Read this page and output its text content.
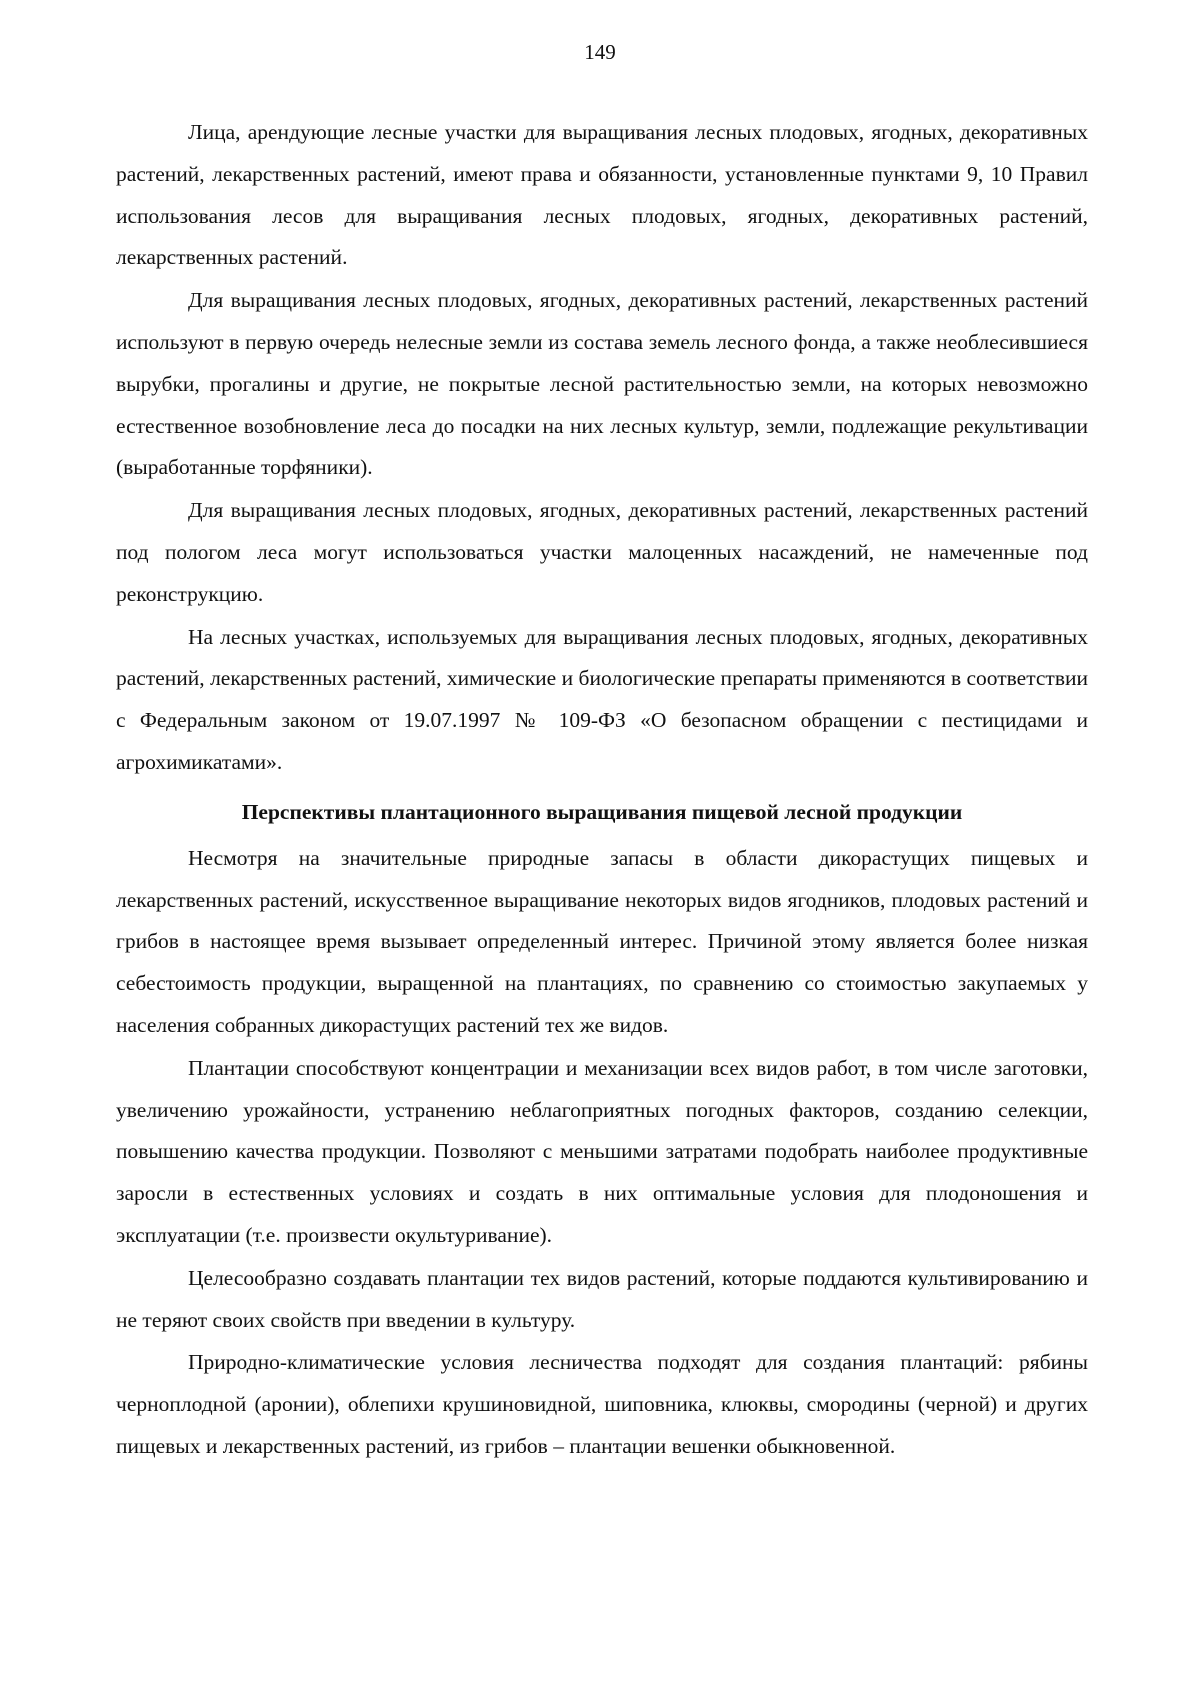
149

Лица, арендующие лесные участки для выращивания лесных плодовых, ягодных, декоративных растений, лекарственных растений, имеют права и обязанности, установленные пунктами 9, 10 Правил использования лесов для выращивания лесных плодовых, ягодных, декоративных растений, лекарственных растений.

Для выращивания лесных плодовых, ягодных, декоративных растений, лекарственных растений используют в первую очередь нелесные земли из состава земель лесного фонда, а также необлесившиеся вырубки, прогалины и другие, не покрытые лесной растительностью земли, на которых невозможно естественное возобновление леса до посадки на них лесных культур, земли, подлежащие рекультивации (выработанные торфяники).

Для выращивания лесных плодовых, ягодных, декоративных растений, лекарственных растений под пологом леса могут использоваться участки малоценных насаждений, не намеченные под реконструкцию.

На лесных участках, используемых для выращивания лесных плодовых, ягодных, декоративных растений, лекарственных растений, химические и биологические препараты применяются в соответствии с Федеральным законом от 19.07.1997 № 109-ФЗ «О безопасном обращении с пестицидами и агрохимикатами».

Перспективы плантационного выращивания пищевой лесной продукции

Несмотря на значительные природные запасы в области дикорастущих пищевых и лекарственных растений, искусственное выращивание некоторых видов ягодников, плодовых растений и грибов в настоящее время вызывает определенный интерес. Причиной этому является более низкая себестоимость продукции, выращенной на плантациях, по сравнению со стоимостью закупаемых у населения собранных дикорастущих растений тех же видов.

Плантации способствуют концентрации и механизации всех видов работ, в том числе заготовки, увеличению урожайности, устранению неблагоприятных погодных факторов, созданию селекции, повышению качества продукции. Позволяют с меньшими затратами подобрать наиболее продуктивные заросли в естественных условиях и создать в них оптимальные условия для плодоношения и эксплуатации (т.е. произвести окультуривание).

Целесообразно создавать плантации тех видов растений, которые поддаются культивированию и не теряют своих свойств при введении в культуру.

Природно-климатические условия лесничества подходят для создания плантаций: рябины черноплодной (аронии), облепихи крушиновидной, шиповника, клюквы, смородины (черной) и других пищевых и лекарственных растений, из грибов – плантации вешенки обыкновенной.
